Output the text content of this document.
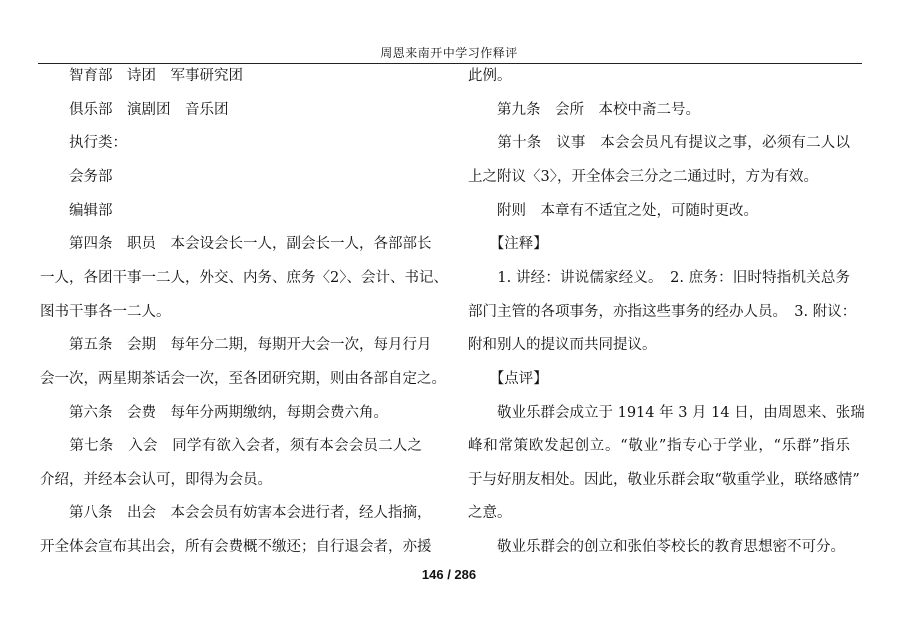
周恩来南开中学习作释评
　　智育部　诗团　军事研究团
　　俱乐部　演剧团　音乐团
　　执行类：
　　会务部
　　编辑部
　　第四条　职员　本会设会长一人，副会长一人，各部部长
一人，各团干事一二人，外交、内务、庶务〈2〉、会计、书记、
图书干事各一二人。
　　第五条　会期　每年分二期，每期开大会一次，每月行月
会一次，两星期茶话会一次，至各团研究期，则由各部自定之。
　　第六条　会费　每年分两期缴纳，每期会费六角。
　　第七条　入会　同学有欲入会者，须有本会会员二人之
介绍，并经本会认可，即得为会员。
　　第八条　出会　本会会员有妨害本会进行者，经人指摘，
开全体会宣布其出会，所有会费概不缴还；自行退会者，亦援
此例。
　　第九条　会所　本校中斋二号。
　　第十条　议事　本会会员凡有提议之事，必须有二人以
上之附议〈3〉，开全体会三分之二通过时，方为有效。
　　附则　本章有不适宜之处，可随时更改。
　　【注释】
　　1. 讲经：讲说儒家经义。　2. 庶务：旧时特指机关总务
部门主管的各项事务，亦指这些事务的经办人员。　3. 附议：
附和别人的提议而共同提议。
　　【点评】
　　敬业乐群会成立于 1914 年 3 月 14 日，由周恩来、张瑞
峰和常策欧发起创立。“敬业”指专心于学业，“乐群”指乐
于与好朋友相处。因此，敬业乐群会取“敬重学业，联络感情”
之意。
　　敬业乐群会的创立和张伯苓校长的教育思想密不可分。
146 / 286
